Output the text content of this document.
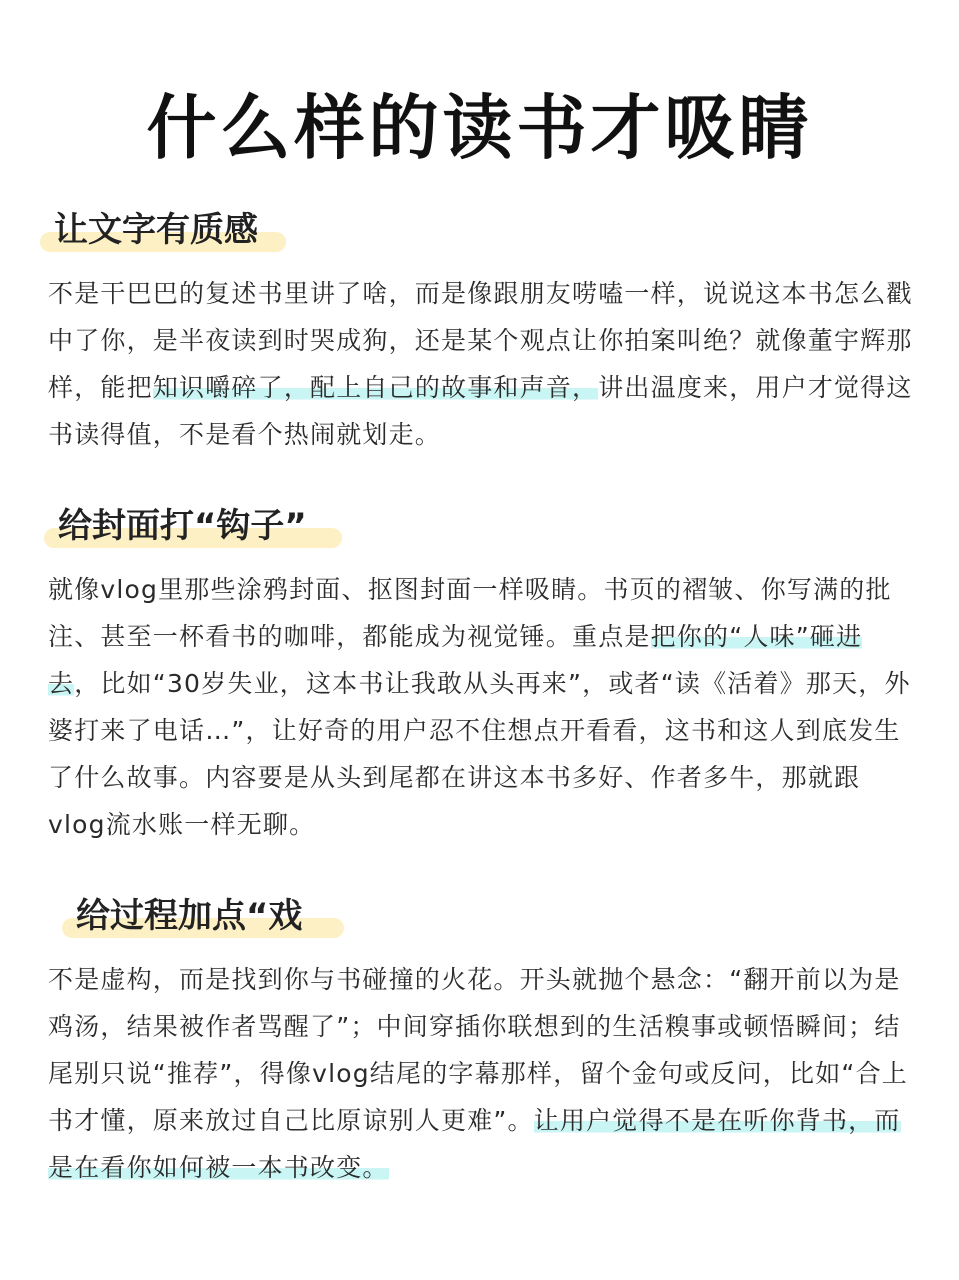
什么样的读书才吸睛
让文字有质感

不是干巴巴的复述书里讲了啥，而是像跟朋友唠嗑一样，说说这本书怎么戳中了你，是半夜读到时哭成狗，还是某个观点让你拍案叫绝？就像董宇辉那样，能把知识嚼碎了，配上自己的故事和声音，讲出温度来，用户才觉得这书读得值，不是看个热闹就划走。

给封面打“钩子”

就像vlog里那些涂鸦封面、抠图封面一样吸睛。书页的褶皱、你写满的批注、甚至一杯看书的咖啡，都能成为视觉锤。重点是把你的“人味”砸进去，比如“30岁失业，这本书让我敢从头再来”，或者“读《活着》那天，外婆打来了电话…”，让好奇的用户忍不住想点开看看，这书和这人到底发生了什么故事。内容要是从头到尾都在讲这本书多好、作者多牛，那就跟vlog流水账一样无聊。

给过程加点“戏

不是虚构，而是找到你与书碰撞的火花。开头就抛个悬念：“翻开前以为是鸡汤，结果被作者骂醒了”；中间穿插你联想到的生活糗事或顿悟瞬间；结尾别只说“推荐”，得像vlog结尾的字幕那样，留个金句或反问，比如“合上书才懂，原来放过自己比原谅别人更难”。让用户觉得不是在听你背书，而是在看你如何被一本书改变。
